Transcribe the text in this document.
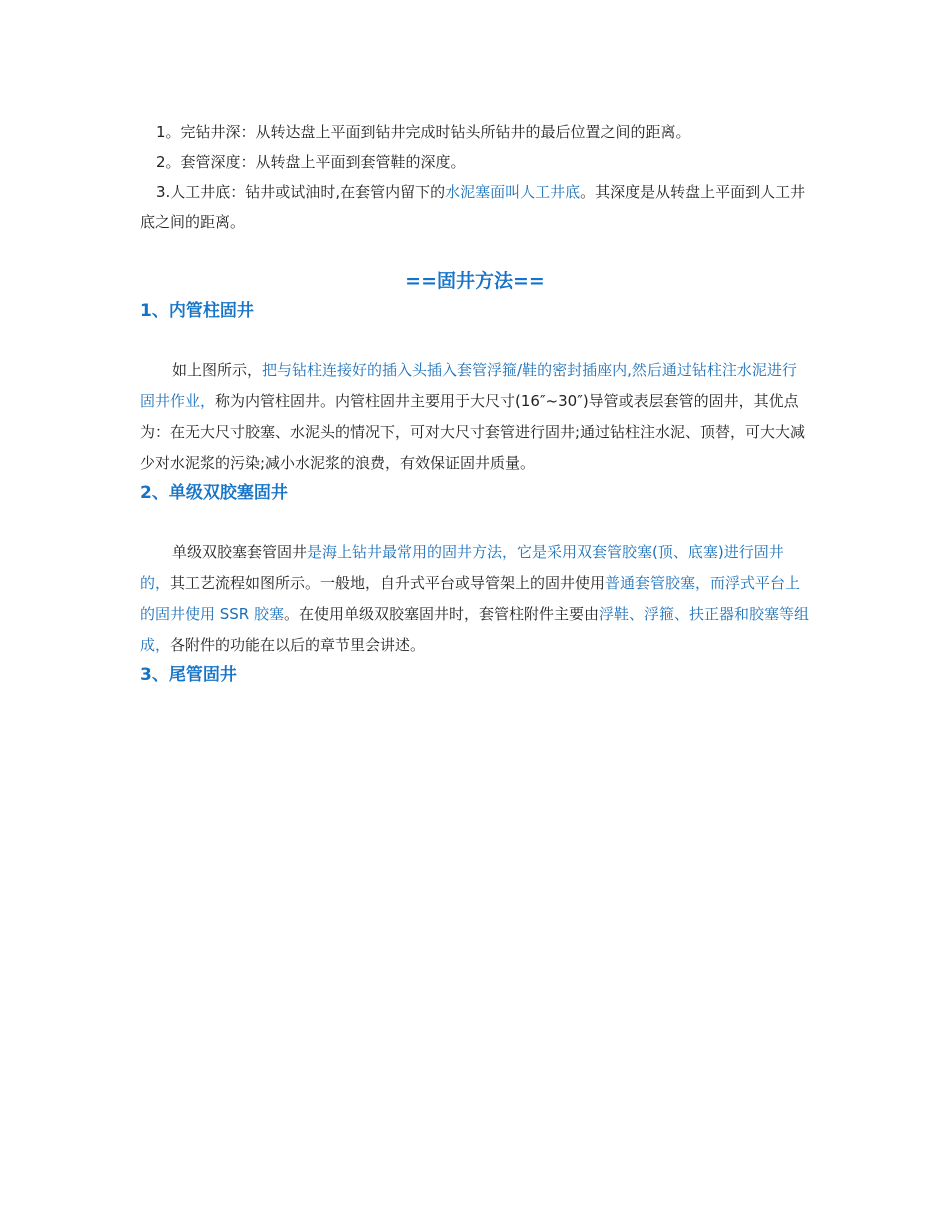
1。完钻井深：从转达盘上平面到钻井完成时钻头所钻井的最后位置之间的距离。

2。套管深度：从转盘上平面到套管鞋的深度。

3.人工井底：钻井或试油时,在套管内留下的水泥塞面叫人工井底。其深度是从转盘上平面到人工井底之间的距离。

==固井方法==
1、内管柱固井

如上图所示，把与钻柱连接好的插入头插入套管浮箍/鞋的密封插座内,然后通过钻柱注水泥进行固井作业，称为内管柱固井。内管柱固井主要用于大尺寸(16″~30″)导管或表层套管的固井，其优点为：在无大尺寸胶塞、水泥头的情况下，可对大尺寸套管进行固井;通过钻柱注水泥、顶替，可大大减少对水泥浆的污染;减小水泥浆的浪费，有效保证固井质量。

2、单级双胶塞固井

单级双胶塞套管固井是海上钻井最常用的固井方法，它是采用双套管胶塞(顶、底塞)进行固井的，其工艺流程如图所示。一般地，自升式平台或导管架上的固井使用普通套管胶塞，而浮式平台上的固井使用 SSR 胶塞。在使用单级双胶塞固井时，套管柱附件主要由浮鞋、浮箍、扶正器和胶塞等组成，各附件的功能在以后的章节里会讲述。

3、尾管固井
